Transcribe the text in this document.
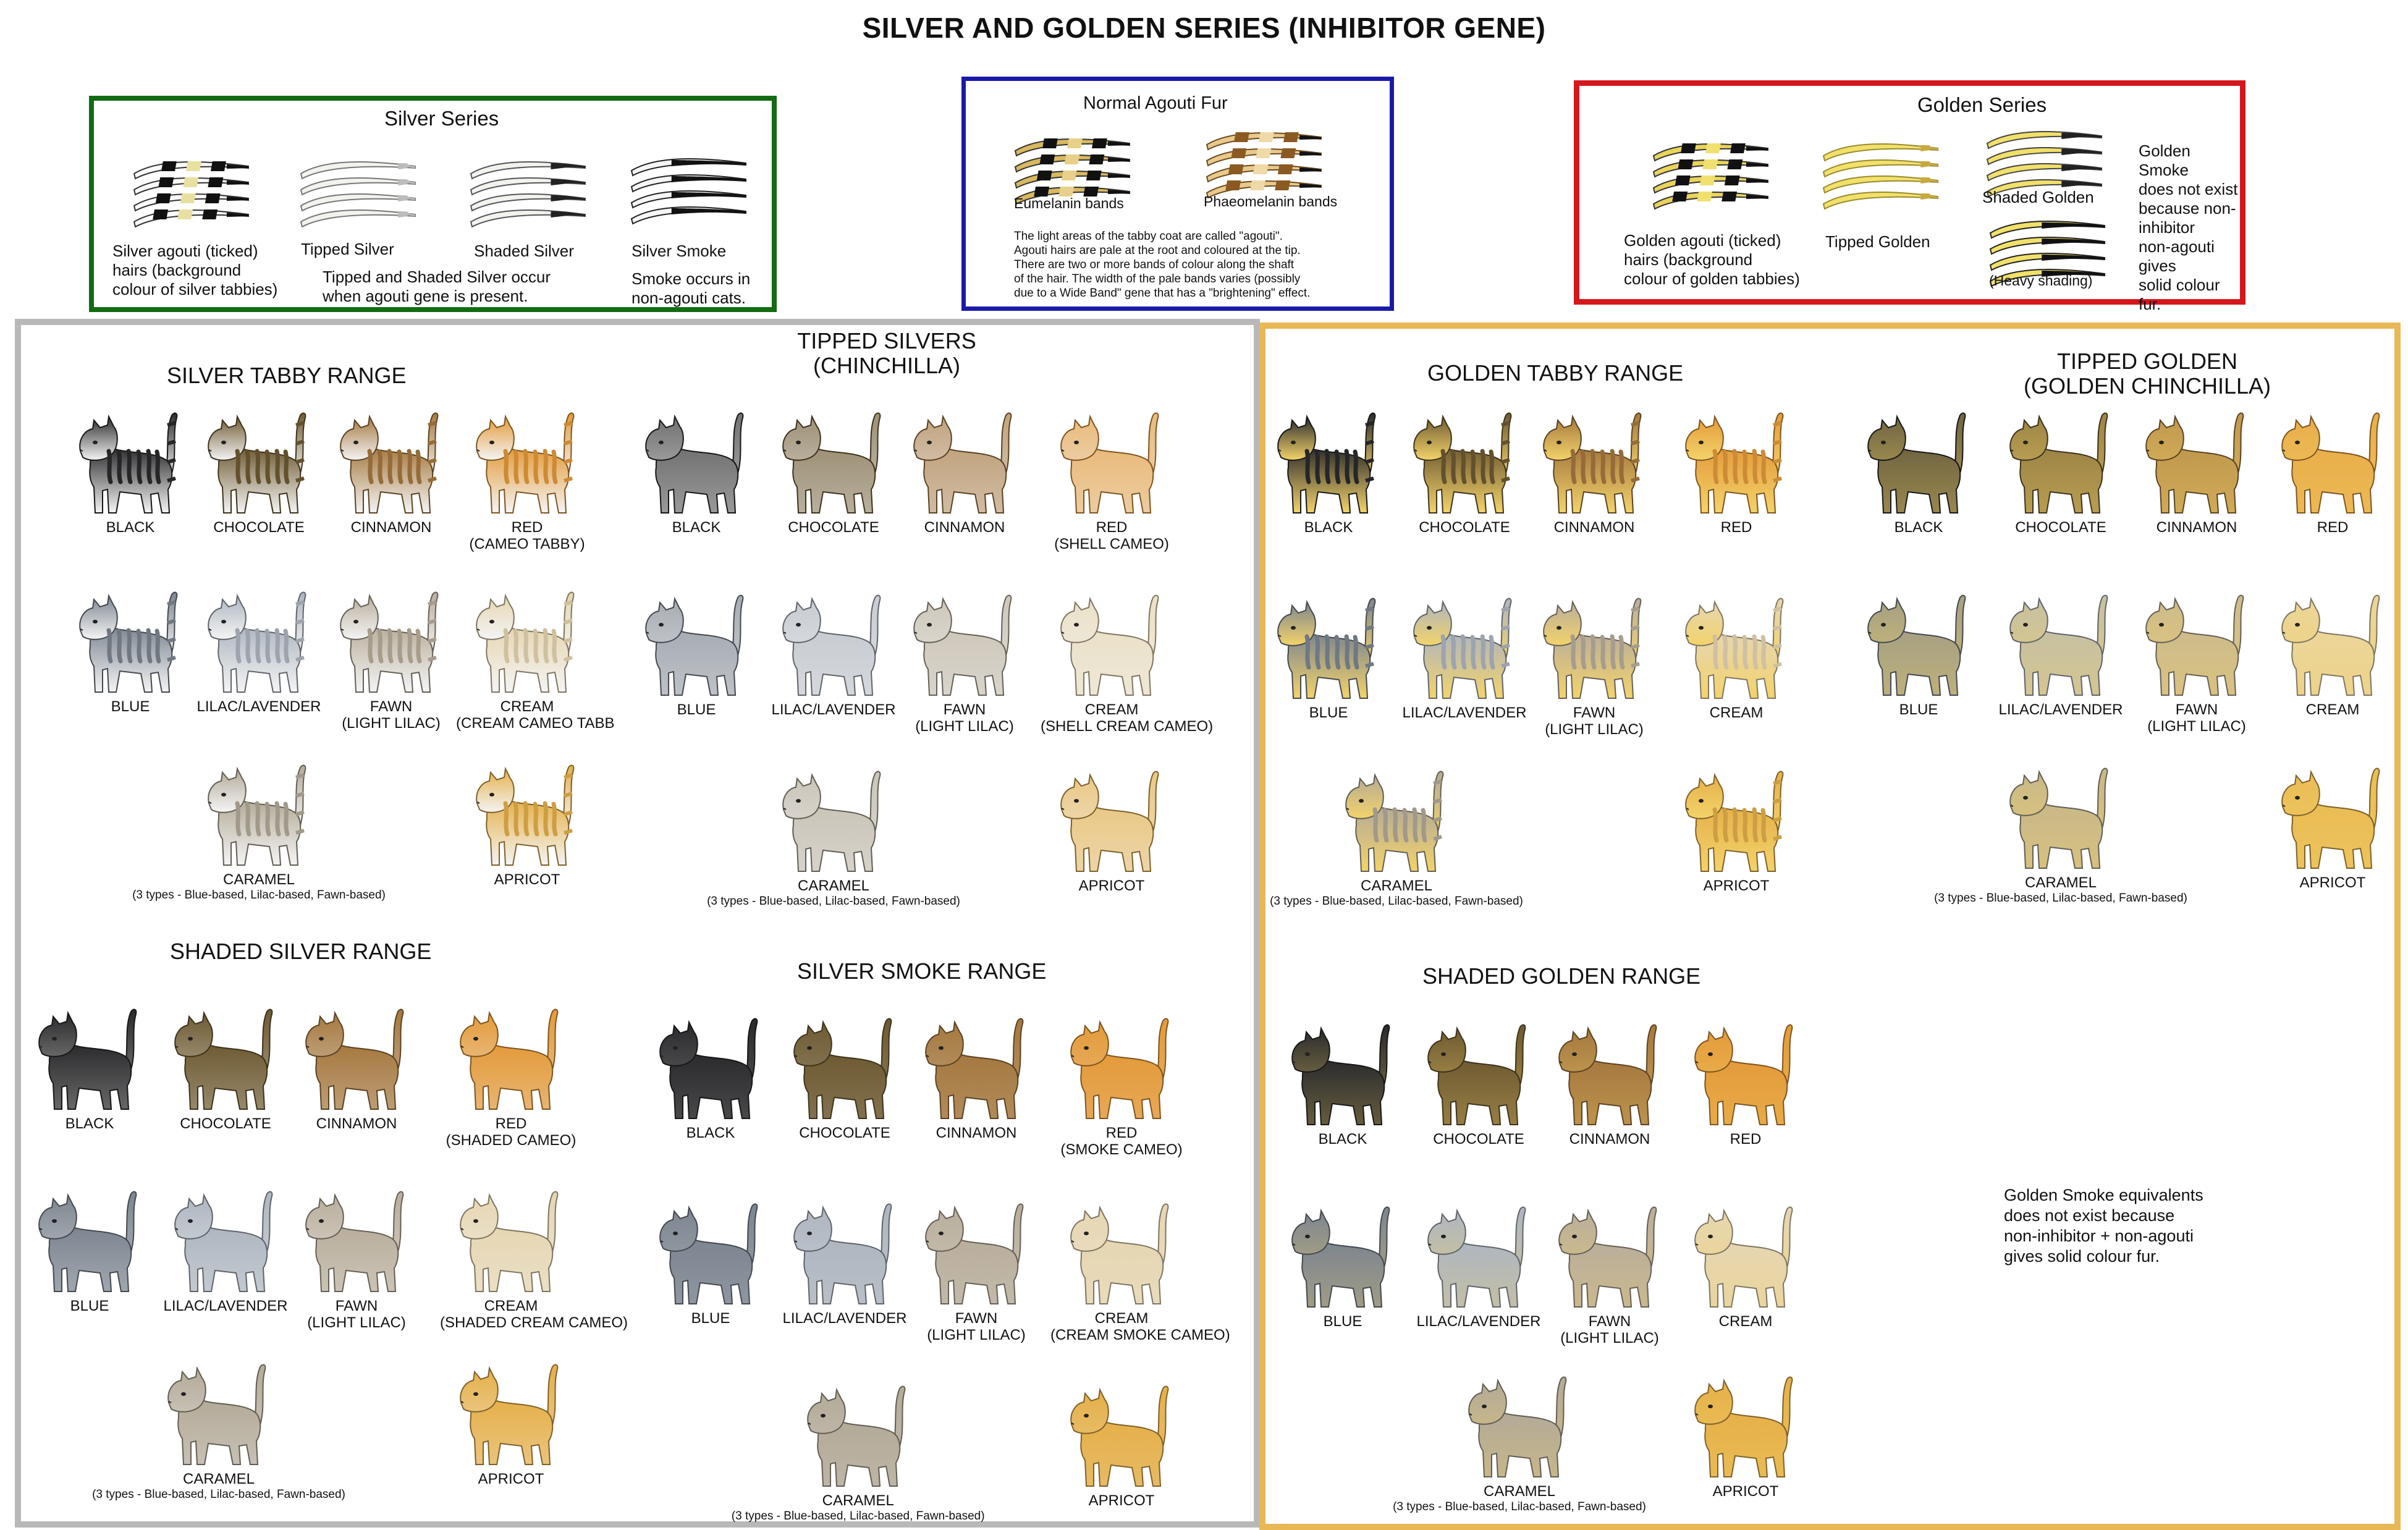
SILVER AND GOLDEN SERIES (INHIBITOR GENE)
Silver Series
Silver agouti (ticked)
hairs (background
colour of silver tabbies)
Tipped Silver	Shaded Silver	Silver Smoke
Tipped and Shaded Silver occur
when agouti gene is present.
Smoke occurs in
non-agouti cats.
Normal Agouti Fur
Eumelanin bands	Phaeomelanin bands
The light areas of the tabby coat are called "agouti".
Agouti hairs are pale at the root and coloured at the tip.
There are two or more bands of colour along the shaft
of the hair. The width of the pale bands varies (possibly
due to a Wide Band" gene that has a "brightening" effect.
Golden Series
Golden agouti (ticked)
hairs (background
colour of golden tabbies)
Tipped Golden
Shaded Golden
(Heavy shading)
Golden Smoke
does not exist
because non-inhibitor
non-agouti gives
solid colour fur.
SILVER TABBY RANGE
TIPPED SILVERS
(CHINCHILLA)
SHADED SILVER RANGE
SILVER SMOKE RANGE
GOLDEN TABBY RANGE	TIPPED GOLDEN
(GOLDEN CHINCHILLA)
SHADED GOLDEN RANGE
Golden Smoke equivalents
does not exist because
non-inhibitor + non-agouti
gives solid colour fur.
BLACK	CHOCOLATE	CINNAMON	RED
(CAMEO TABBY)
BLUE	LILAC/LAVENDER	FAWN
(LIGHT LILAC)
CREAM
(CREAM CAMEO TABB
CARAMEL
(3 types - Blue-based, Lilac-based, Fawn-based)
APRICOT
BLACK	CHOCOLATE	CINNAMON	RED
(SHELL CAMEO)
BLUE	LILAC/LAVENDER	FAWN
(LIGHT LILAC)
CREAM
(SHELL CREAM CAMEO)
CARAMEL
(3 types - Blue-based, Lilac-based, Fawn-based)
APRICOT
BLACK	CHOCOLATE	CINNAMON	RED
(SHADED CAMEO)
BLUE	LILAC/LAVENDER	FAWN
(LIGHT LILAC)
CREAM
(SHADED CREAM CAMEO)
CARAMEL
(3 types - Blue-based, Lilac-based, Fawn-based)
APRICOT
BLACK	CHOCOLATE	CINNAMON	RED
(SMOKE CAMEO)
BLUE	LILAC/LAVENDER	FAWN
(LIGHT LILAC)
CREAM
(CREAM SMOKE CAMEO)
CARAMEL
(3 types - Blue-based, Lilac-based, Fawn-based)
APRICOT
BLACK	CHOCOLATE	CINNAMON	RED
BLUE	LILAC/LAVENDER	FAWN
(LIGHT LILAC)
CREAM
CARAMEL
(3 types - Blue-based, Lilac-based, Fawn-based)
APRICOT
BLACK	CHOCOLATE	CINNAMON	RED
BLUE	LILAC/LAVENDER	FAWN
(LIGHT LILAC)
CREAM
CARAMEL
(3 types - Blue-based, Lilac-based, Fawn-based)
APRICOT
BLACK	CHOCOLATE	CINNAMON	RED
BLUE	LILAC/LAVENDER	FAWN
(LIGHT LILAC)
CREAM
CARAMEL
(3 types - Blue-based, Lilac-based, Fawn-based)
APRICOT
